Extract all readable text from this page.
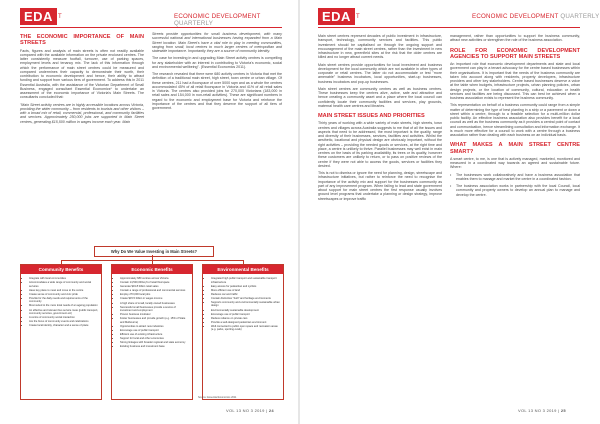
EDA T	ECONOMIC DEVELOPMENT QUARTERLY
THE ECONOMIC IMPORTANCE OF MAIN STREETS

Facts, figures and analysis of main streets is often not readily available compared with the available information on the private enclosed centres. The latter consistently measure footfall, turnover, use of parking spaces, employment levels and tenancy mix. The lack of this information through which the performance of main street centres could be measured and compared undermines their capacity to demonstrate their worth, their contribution to economic development and hence, their ability to attract funding and support from various tiers of government. To address this in 2011 Essential Australia, with the assistance of the Victorian Department of Small Business, engaged consultant Essential Economics* to undertake an assessment of the economic importance of Victoria's Main Streets. The consultants concluded that:

"Main Street activity centres are in highly accessible locations across Victoria, providing the wider community – from residents to tourists and other visitors – with a broad mix of retail, commercial, professional, and community facilities and services. Approximately 250,000 jobs are supported in Main Street centres, generating $15,500 million in wages income each year. Main

Streets provide opportunities for small business development, with many successful national and international businesses having expanded from a Main Street location. Main Street's have a vital role to play in meeting communities, ranging from small, local centres to much larger centres of metropolitan and statewide importance. Importantly they are a source of community identity.

The case for investing in and upgrading Main Street activity centres is compelling for any stakeholder with an interest in contributing to Victoria's economic, social and environmental wellbeing". (Essential Economics 2011).

The research revealed that there were 680 activity centres in Victoria that met the definition of a traditional main street, high street, town centre or urban village. Of these centres, 211 had a floorspace of over 5000 sqm and as a whole the centres accommodated 45% of all retail floorspace in Victoria and 41% of all retail sales in Victoria. The centres also provided jobs for 270,000 Victorians (183,000 in retail sales and 154,000 in non-retail activities). These are significant numbers in regard to the economic and employment base for Victoria and reinforce the importance of the centres and that they deserve the support of all tiers of government.

Why Do We Value Investing in Main Streets?
Community Benefits
• Integrate with local communities
• Accommodates a wide range of community and social services
• Have key place to meet and move to the centre
• Create sense of community and civic pride
• Provide for the daily needs and requirements of the community
• Most suited to the more local needs of an ageing population
• An effective and relevant bus service route (public transport, community services, government etc)
• A centre of community social interaction
• Are the focus of community events and celebrations
• Create local identity, character and a sense of place
Economic Benefits
• Approximately 680 centres across Victoria
• Contain 14,500,000sq ft of retail floorspace
• Generate $19.8 billion retail sales
• Contain a range of professional and commercial services
• Employ 270,000 local jobs
• Create $15.5 billion in wages income
• A high share of small, locally owned businesses
• Successful small businesses provide a source of investment and employment
• Proven business incubator
• Foster businesses and provide growth (e.g. 15% of State and Melbourne)
• Opportunities to attract new industries
• Encourage use of public transport
• Efficient use of existing infrastructure
• Support for local and other economies
• Strong linkages with broader regional and state economy
• Existing business and investment base
Environmental Benefits
• Integrated high public transport and sustainable transport infrastructure
• Easy access for pedestrian and cyclists
• More efficient use of land
• Reduces car and traffic
• Contain distinctive "built" and heritage environments
• Supports community and environmentally sustainable urban design
• Environmentally sustainable development
• Encourage use of public transport
• Reduce reliance on private cars
• Provide a well-designed pedestrian environment
• Well connected to public open space and recreation areas (e.g. parks, sporting ovals)
Source: Essential Economics 2011
VOL 13 NO 3 2019 | 24
EDA T	ECONOMIC DEVELOPMENT QUARTERLY

Main street centres represent decades of public investment in infrastructure, transport, technology, community services and facilities. This public investment should be capitalised on through the ongoing support and encouragement of the main street centres, rather than the investment in new infrastructure in new, greenfield sites at the risk that the older centres are killed and no longer attract current needs.

Main street centres provide opportunities for local investment and business development for the local community which are not available in other types of corporate or retail centres. The latter do not accommodate or test "more amenable" business incubators, local opportunities, start-up businesses, business incubators and pop-up businesses.

Main street centres are community centres as well as business centres. These businesses keep the centres alive, active, safe and attractive and hence creating a community asset and a place where the local council can confidently locate their community facilities and services, play grounds, maternal health care centres and libraries.

MAIN STREET ISSUES AND PRIORITIES

Thirty years of working with a wide variety of main streets, high streets, town centres and villages across Australia suggests to me that of all the issues and aspects that need to be addressed, the most important is the quality, range and diversity of their businesses, services, facilities and activities. Whilst the aesthetic, locational and physical design are obviously important, without the right activities – providing the needed goods or services, at the right time and place, a centre is unlikely to thrive. Parallel businesses may well exist in main centres on the basis of its parking availability, its trees or its quality, however these customers are unlikely to return, or to pass on positive reviews of the centre if they were not able to access the goods, services or facilities they desired.

This is not to dismiss or ignore the need for planning, design, streetscape and infrastructure initiatives, but rather to reinforce the need to recognise the importance of the activity mix and support for the businesses community as part of any improvement program. When failing to lead and state government about support for main street centres the first response usually involves ground level programs that undertake a planning or design strategy, improve streetscapes or improve traffic

management, rather than opportunities to support the business community, attract new activities or strengthen the role of the business association.

ROLE FOR ECONOMIC DEVELOPMENT AGENCIES TO SUPPORT MAIN STREETS

An important role that economic development departments and state and local government can play in a tenant advocacy for the centre based businesses within their organisations. It is important that the needs of the business community are taken into account along with residents, property developers, infrastructure providers and other key stakeholders. Centre based businesses deserve a voice at the table when budgets, infrastructure projects, urban planning policies, urban design projects, or the location of community, cultural, education or health services and facilities are being discussed. This can best be achieved when a business association exists to represent the business community.

This representation on behalf of a business community could range from a simple matter of determining the type of best planting in a strip or a pavement or down a street within a centre, through to a feasible selection for a multi-million dollar public facility. An effective business association also provides benefit for a local council as well as the business community as it provides a central point of contact and communication, hence streamlining consultation and information exchange. It is much more effective for a council to work with a centre through a business association rather than dealing with each business on an individual basis.

WHAT MAKES A MAIN STREET CENTRE SMART?

A smart centre, to me, is one that is actively managed, marketed, monitored and measured in a coordinated way towards an agreed and sustainable future. Where:

• The businesses work collaboratively and have a business association that enables them to manage and market the centre in a coordinated fashion.

• The business association works in partnership with the local Council, local community and property owners to develop an annual plan to manage and develop the centre.

VOL 13 NO 3 2019 | 25
